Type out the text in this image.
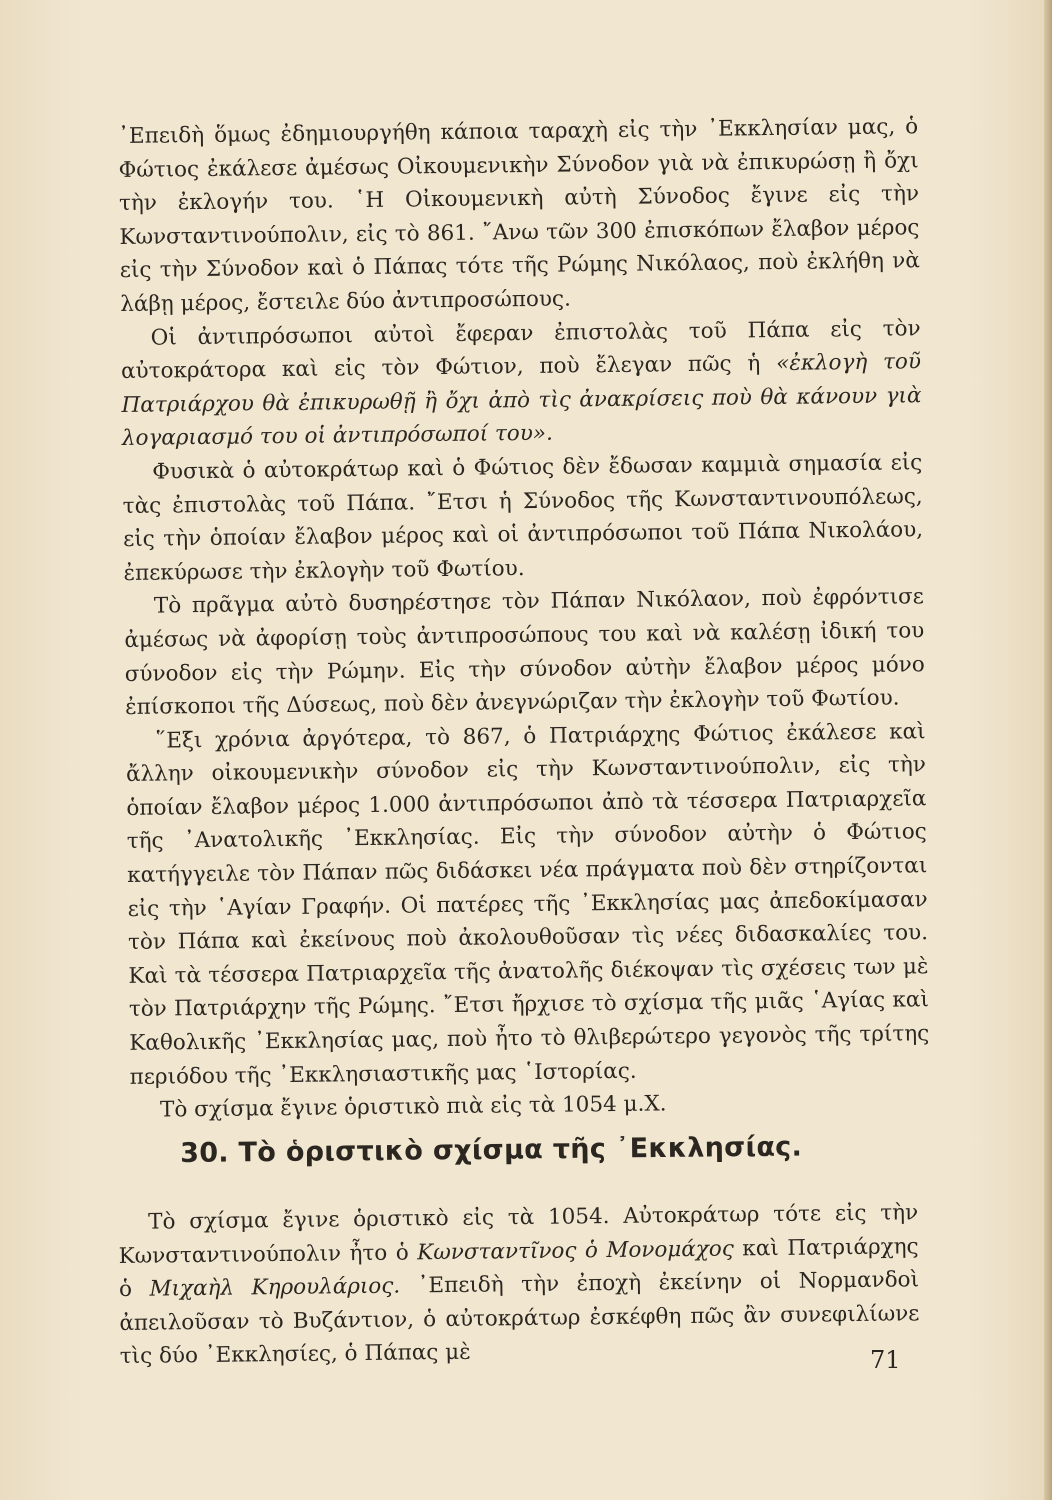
᾿Επειδὴ ὅμως ἐδημιουργήθη κάποια ταραχὴ εἰς τὴν ᾿Εκκλησίαν μας, ὁ Φώτιος ἐκάλεσε ἀμέσως Οἰκουμενικὴν Σύνοδον γιὰ νὰ ἐπικυρώσῃ ἢ ὄχι τὴν ἐκλογήν του. ῾Η Οἰκουμενικὴ αὐτὴ Σύνοδος ἔγινε εἰς τὴν Κωνσταντινούπολιν, εἰς τὸ 861. ῎Ανω τῶν 300 ἐπισκόπων ἔλαβον μέρος εἰς τὴν Σύνοδον καὶ ὁ Πάπας τότε τῆς Ρώμης Νικόλαος, ποὺ ἐκλήθη νὰ λάβῃ μέρος, ἔστειλε δύο ἀντιπροσώπους.

Οἱ ἀντιπρόσωποι αὐτοὶ ἔφεραν ἐπιστολὰς τοῦ Πάπα εἰς τὸν αὐτοκράτορα καὶ εἰς τὸν Φώτιον, ποὺ ἔλεγαν πῶς ἡ «ἐκλογὴ τοῦ Πατριάρχου θὰ ἐπικυρωθῇ ἢ ὄχι ἀπὸ τὶς ἀνακρίσεις ποὺ θὰ κάνουν γιὰ λογαριασμό του οἱ ἀντιπρόσωποί του».

Φυσικὰ ὁ αὐτοκράτωρ καὶ ὁ Φώτιος δὲν ἔδωσαν καμμιὰ σημασία εἰς τὰς ἐπιστολὰς τοῦ Πάπα. ῎Ετσι ἡ Σύνοδος τῆς Κωνσταντινουπόλεως, εἰς τὴν ὁποίαν ἔλαβον μέρος καὶ οἱ ἀντιπρόσωποι τοῦ Πάπα Νικολάου, ἐπεκύρωσε τὴν ἐκλογὴν τοῦ Φωτίου.

Τὸ πρᾶγμα αὐτὸ δυσηρέστησε τὸν Πάπαν Νικόλαον, ποὺ ἐφρόντισε ἀμέσως νὰ ἀφορίσῃ τοὺς ἀντιπροσώπους του καὶ νὰ καλέσῃ ἰδική του σύνοδον εἰς τὴν Ρώμην. Εἰς τὴν σύνοδον αὐτὴν ἔλαβον μέρος μόνο ἐπίσκοποι τῆς Δύσεως, ποὺ δὲν ἀνεγνώριζαν τὴν ἐκλογὴν τοῦ Φωτίου.

῞Εξι χρόνια ἀργότερα, τὸ 867, ὁ Πατριάρχης Φώτιος ἐκάλεσε καὶ ἄλλην οἰκουμενικὴν σύνοδον εἰς τὴν Κωνσταντινούπολιν, εἰς τὴν ὁποίαν ἔλαβον μέρος 1.000 ἀντιπρόσωποι ἀπὸ τὰ τέσσερα Πατριαρχεῖα τῆς ᾿Ανατολικῆς ᾿Εκκλησίας. Εἰς τὴν σύνοδον αὐτὴν ὁ Φώτιος κατήγγειλε τὸν Πάπαν πῶς διδάσκει νέα πράγματα ποὺ δὲν στηρίζονται εἰς τὴν ῾Αγίαν Γραφήν. Οἱ πατέρες τῆς ᾿Εκκλησίας μας ἀπεδοκίμασαν τὸν Πάπα καὶ ἐκείνους ποὺ ἀκολουθοῦσαν τὶς νέες διδασκαλίες του. Καὶ τὰ τέσσερα Πατριαρχεῖα τῆς ἀνατολῆς διέκοψαν τὶς σχέσεις των μὲ τὸν Πατριάρχην τῆς Ρώμης. ῎Ετσι ἤρχισε τὸ σχίσμα τῆς μιᾶς ῾Αγίας καὶ Καθολικῆς ᾿Εκκλησίας μας, ποὺ ἦτο τὸ θλιβερώτερο γεγονὸς τῆς τρίτης περιόδου τῆς ᾿Εκκλησιαστικῆς μας ῾Ιστορίας.

Τὸ σχίσμα ἔγινε ὁριστικὸ πιὰ εἰς τὰ 1054 μ.Χ.

30. Τὸ ὁριστικὸ σχίσμα τῆς ᾿Εκκλησίας.

Τὸ σχίσμα ἔγινε ὁριστικὸ εἰς τὰ 1054. Αὐτοκράτωρ τότε εἰς τὴν Κωνσταντινούπολιν ἦτο ὁ Κωνσταντῖνος ὁ Μονομάχος καὶ Πατριάρχης ὁ Μιχαὴλ Κηρουλάριος. ᾿Επειδὴ τὴν ἐποχὴ ἐκείνην οἱ Νορμανδοὶ ἀπειλοῦσαν τὸ Βυζάντιον, ὁ αὐτοκράτωρ ἐσκέφθη πῶς ἂν συνεφιλίωνε τὶς δύο ᾿Εκκλησίες, ὁ Πάπας μὲ	71
